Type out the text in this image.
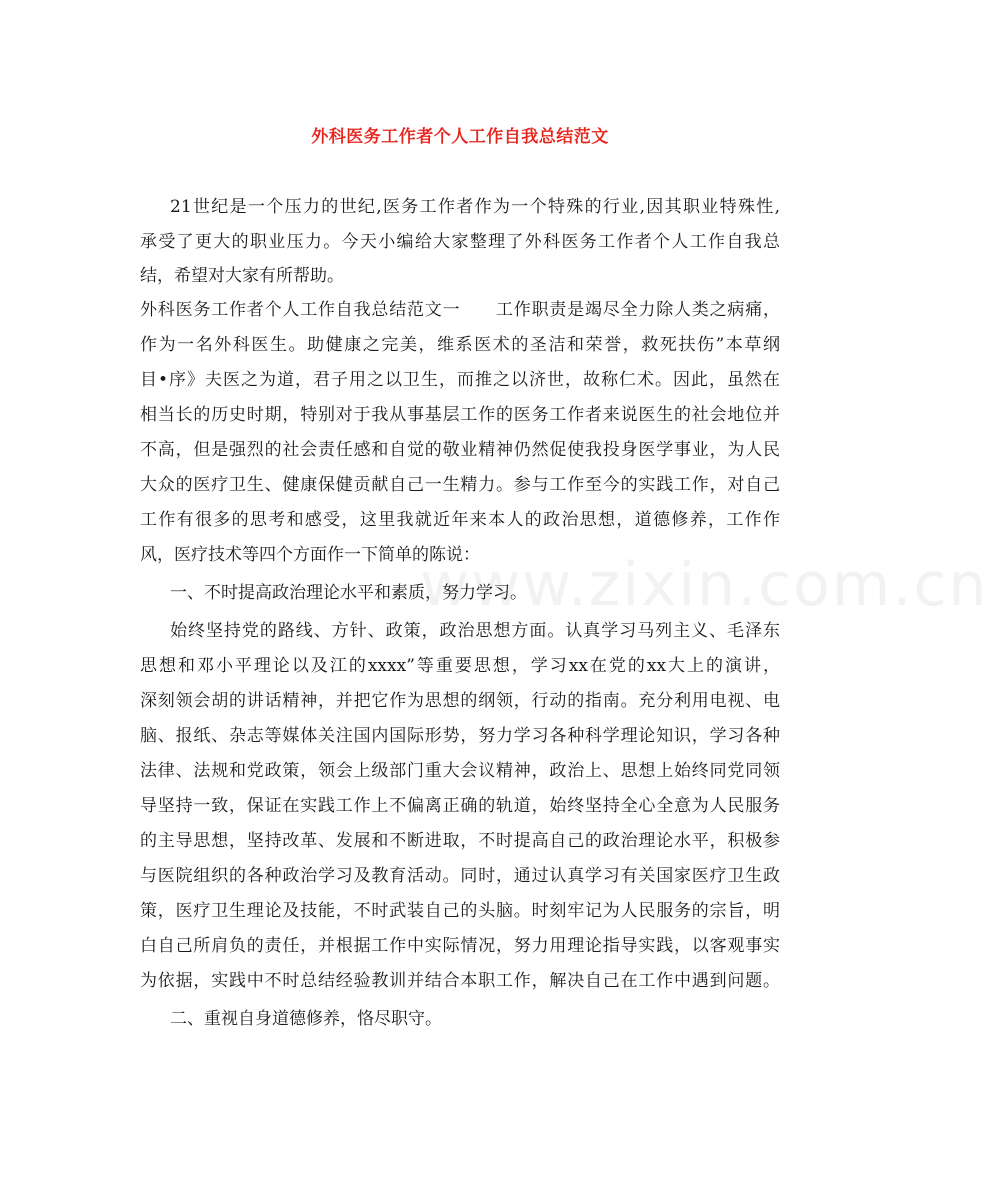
www.zixin.com.cn
外科医务工作者个人工作自我总结范文
21世纪是一个压力的世纪,医务工作者作为一个特殊的行业,因其职业特殊性,
承受了更大的职业压力。今天小编给大家整理了外科医务工作者个人工作自我总
结，希望对大家有所帮助。
外科医务工作者个人工作自我总结范文一　　工作职责是竭尽全力除人类之病痛，
作为一名外科医生。助健康之完美，维系医术的圣洁和荣誉，救死扶伤”本草纲
目•序》夫医之为道，君子用之以卫生，而推之以济世，故称仁术。因此，虽然在
相当长的历史时期，特别对于我从事基层工作的医务工作者来说医生的社会地位并
不高，但是强烈的社会责任感和自觉的敬业精神仍然促使我投身医学事业，为人民
大众的医疗卫生、健康保健贡献自己一生精力。参与工作至今的实践工作，对自己
工作有很多的思考和感受，这里我就近年来本人的政治思想，道德修养，工作作
风，医疗技术等四个方面作一下简单的陈说：
一、不时提高政治理论水平和素质，努力学习。
始终坚持党的路线、方针、政策，政治思想方面。认真学习马列主义、毛泽东
思想和邓小平理论以及江的xxxx”等重要思想，学习xx在党的xx大上的演讲，
深刻领会胡的讲话精神，并把它作为思想的纲领，行动的指南。充分利用电视、电
脑、报纸、杂志等媒体关注国内国际形势，努力学习各种科学理论知识，学习各种
法律、法规和党政策，领会上级部门重大会议精神，政治上、思想上始终同党同领
导坚持一致，保证在实践工作上不偏离正确的轨道，始终坚持全心全意为人民服务
的主导思想，坚持改革、发展和不断进取，不时提高自己的政治理论水平，积极参
与医院组织的各种政治学习及教育活动。同时，通过认真学习有关国家医疗卫生政
策，医疗卫生理论及技能，不时武装自己的头脑。时刻牢记为人民服务的宗旨，明
白自己所肩负的责任，并根据工作中实际情况，努力用理论指导实践，以客观事实
为依据，实践中不时总结经验教训并结合本职工作，解决自己在工作中遇到问题。
二、重视自身道德修养，恪尽职守。
